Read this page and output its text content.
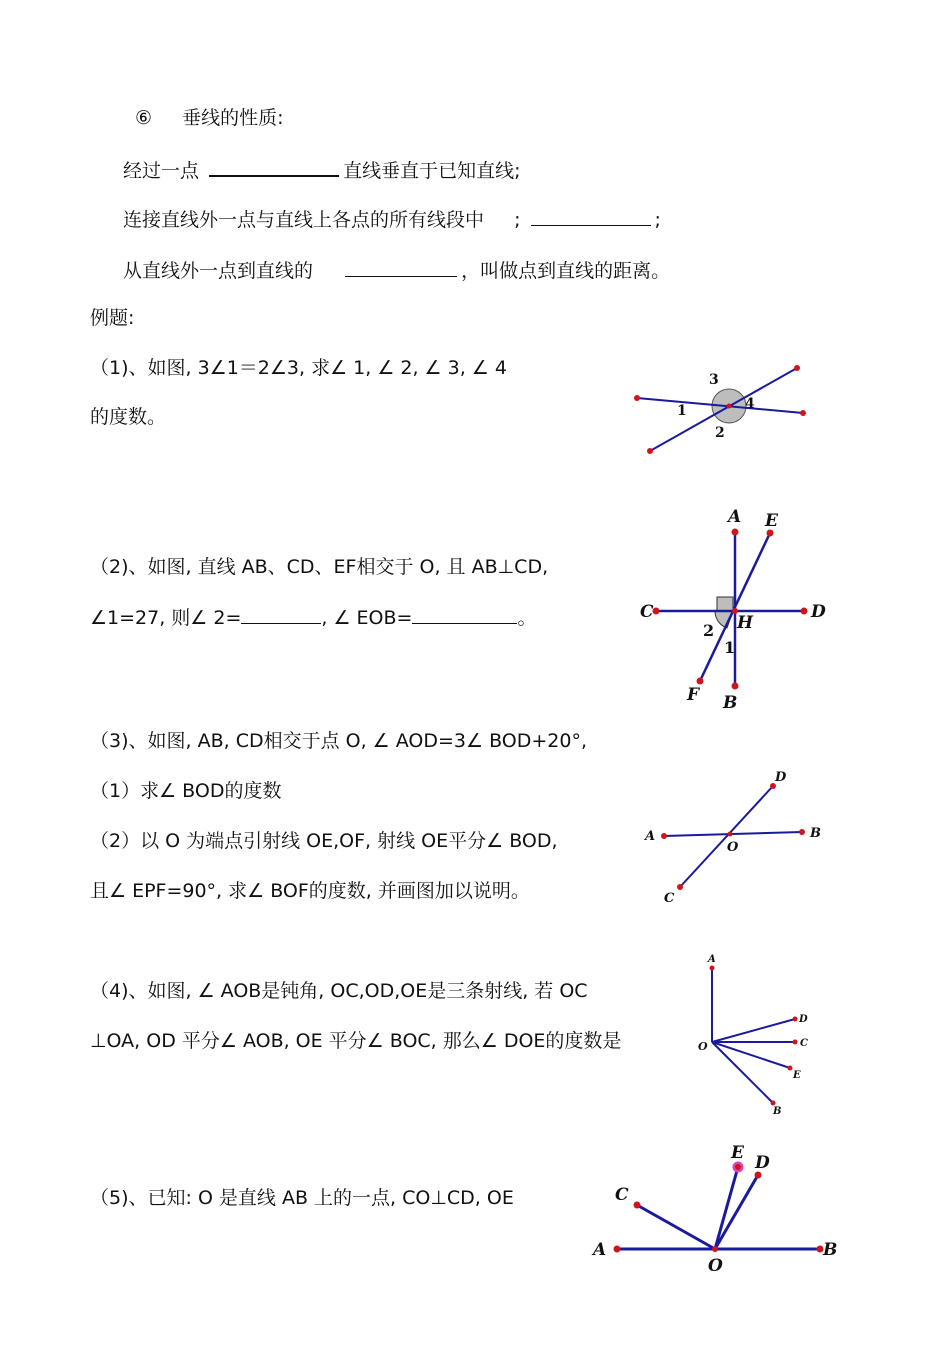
⑥ 垂线的性质:
经过一点	直线垂直于已知直线;
连接直线外一点与直线上各点的所有线段中 ;	;
从直线外一点到直线的	，叫做点到直线的距离。
例题:
（1)、如图, 3∠1＝2∠3, 求∠ 1, ∠ 2, ∠ 3, ∠ 4
的度数。	1
2
3
4
（2)、如图, 直线 AB、CD、EF相交于 O, 且 AB⊥CD,
∠1=27, 则∠ 2=	, ∠ EOB=	。
A E
C	D
H
2
1
F B
（3)、如图, AB, CD相交于点 O, ∠ AOD=3∠ BOD+20°,
（1）求∠ BOD的度数
（2）以 O 为端点引射线 OE,OF, 射线 OE平分∠ BOD,
且∠ EPF=90°, 求∠ BOF的度数, 并画图加以说明。
A	B
C
D
O
（4)、如图, ∠ AOB是钝角, OC,OD,OE是三条射线, 若 OC
⊥OA, OD 平分∠ AOB, OE 平分∠ BOC, 那么∠ DOE的度数是
A
O
D
C
E
B
（5)、已知: O 是直线 AB 上的一点, CO⊥CD, OE
E D
C
A
O
B
